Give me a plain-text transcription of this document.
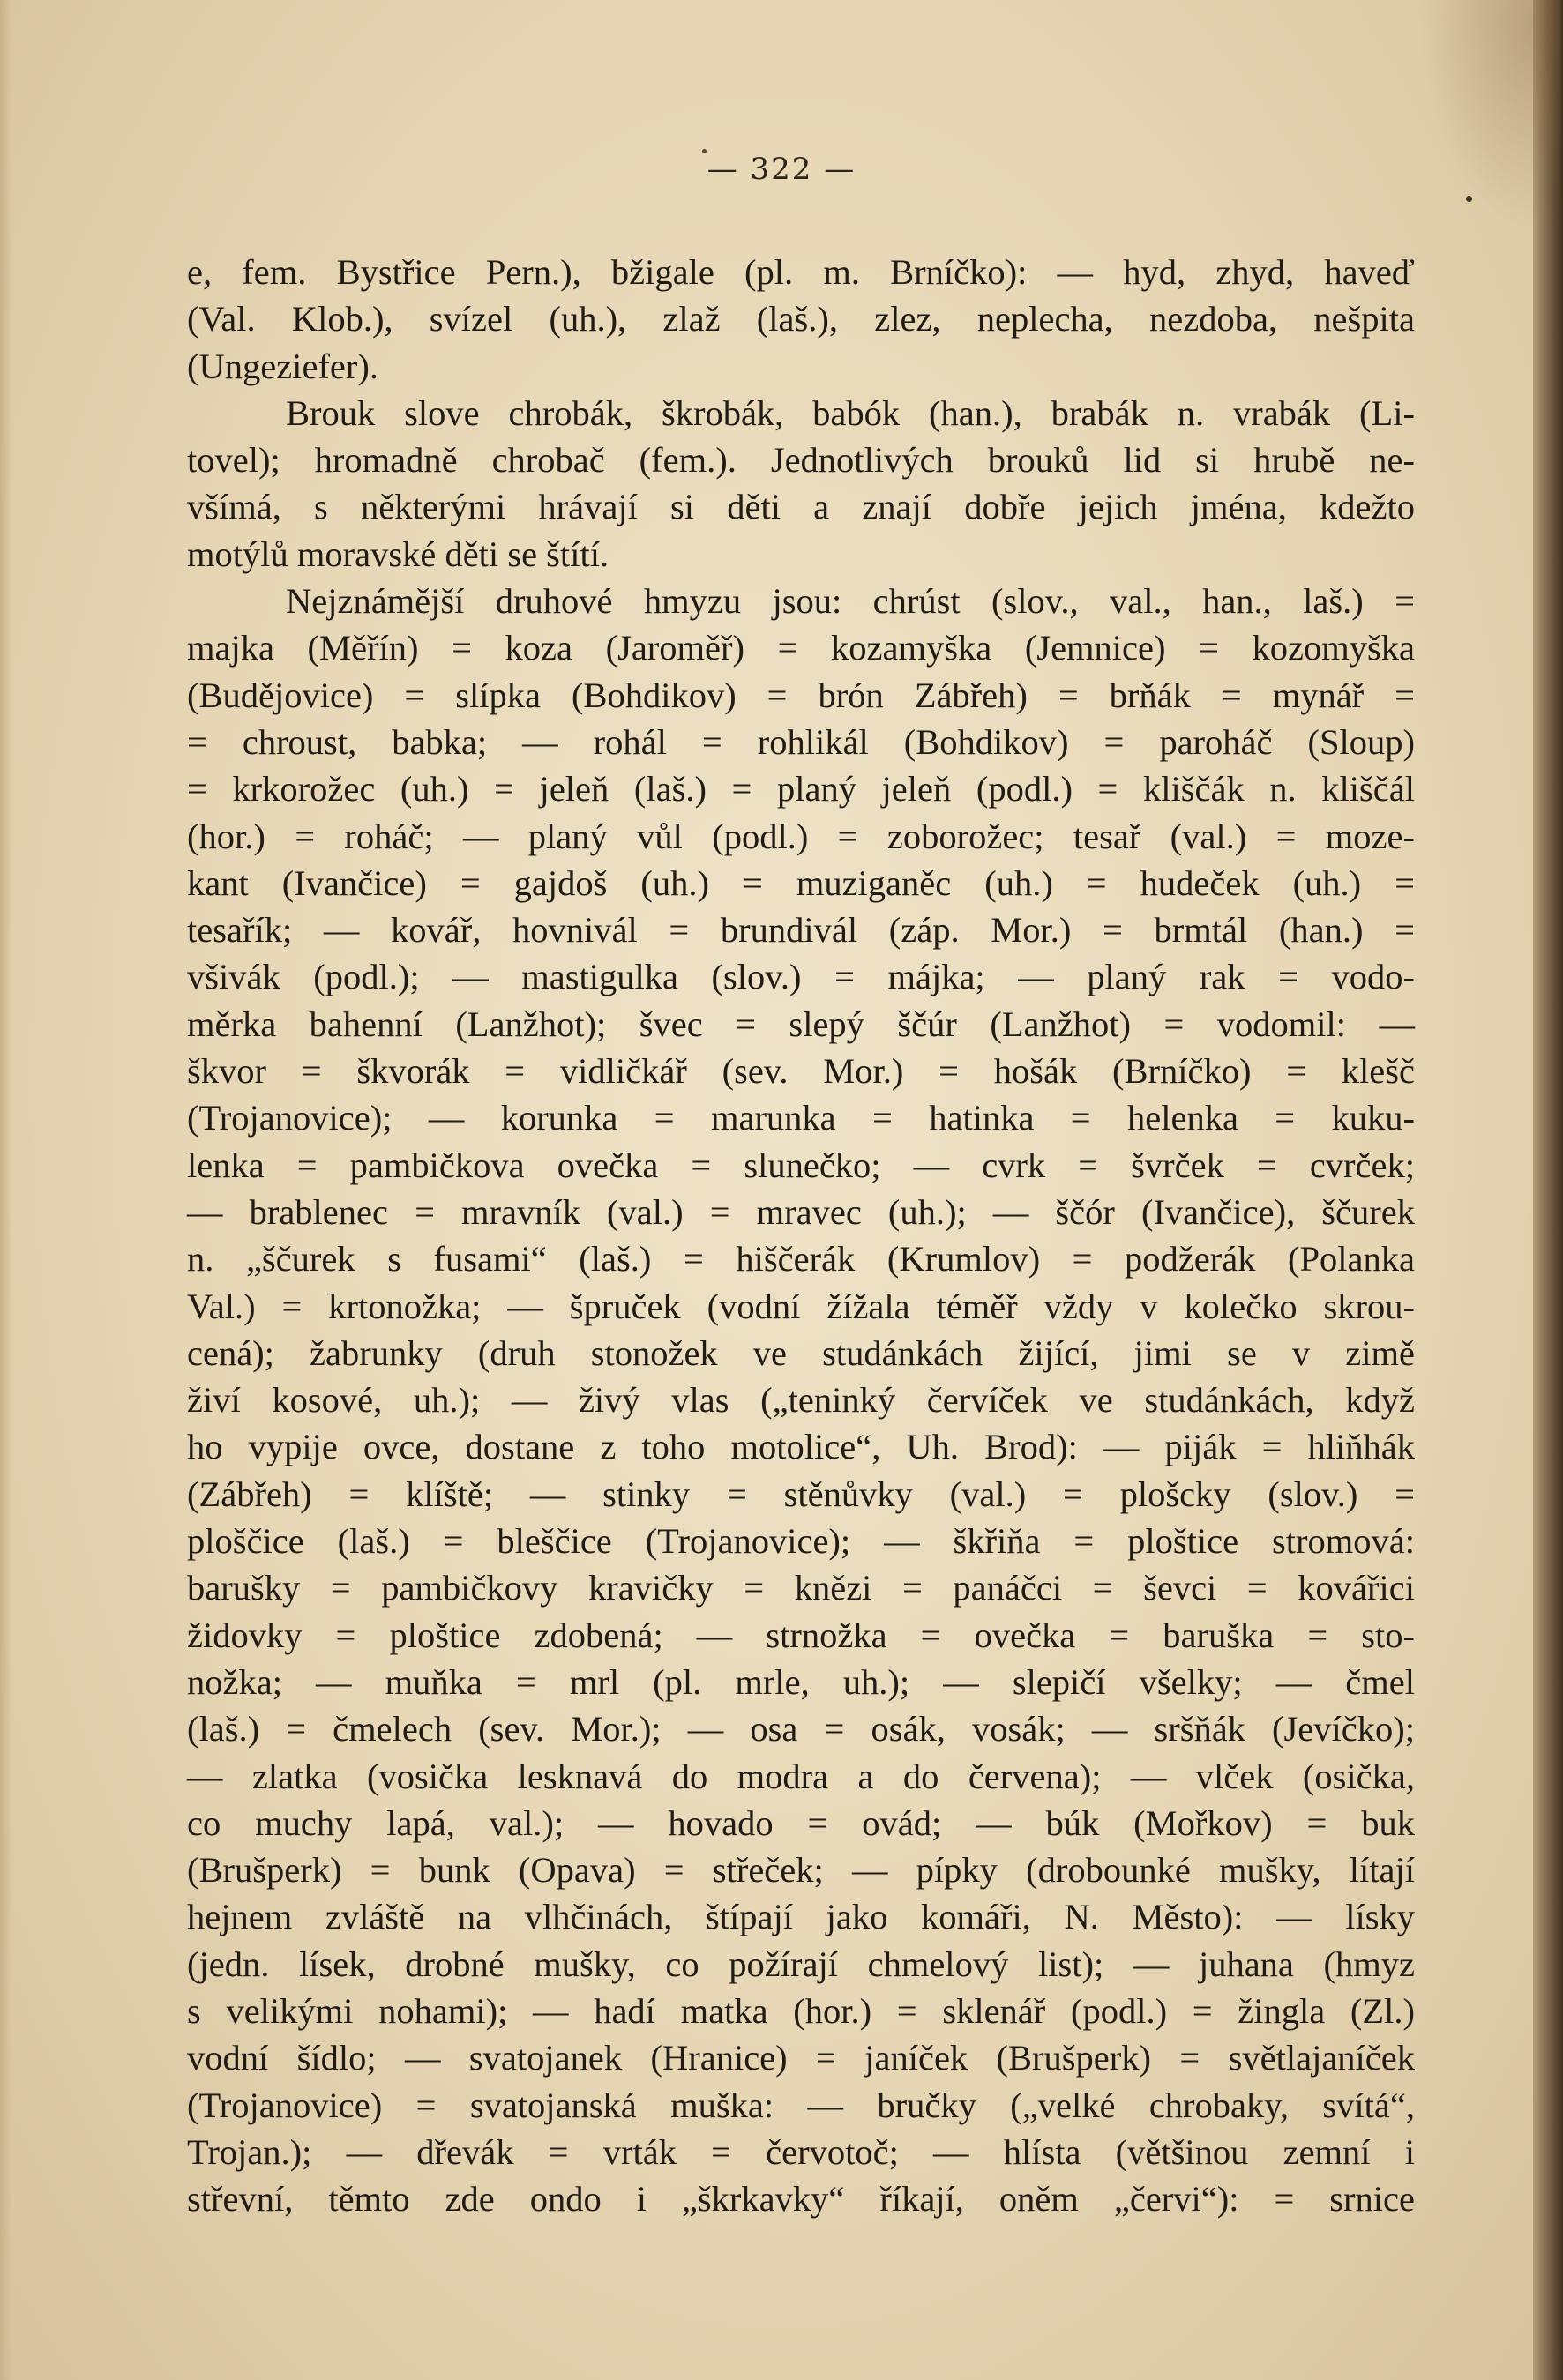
— 322 —
e, fem. Bystřice Pern.), bžigale (pl. m. Brníčko): — hyd, zhyd, haveď
(Val. Klob.), svízel (uh.), zlaž (laš.), zlez, neplecha, nezdoba, nešpita
(Ungeziefer).
Brouk slove chrobák, škrobák, babók (han.), brabák n. vrabák (Li-
tovel); hromadně chrobač (fem.). Jednotlivých brouků lid si hrubě ne-
všímá, s některými hrávají si děti a znají dobře jejich jména, kdežto
motýlů moravské děti se štítí.
Nejznámější druhové hmyzu jsou: chrúst (slov., val., han., laš.) =
majka (Měřín) = koza (Jaroměř) = kozamyška (Jemnice) = kozomyška
(Budějovice) = slípka (Bohdikov) = brón Zábřeh) = brňák = mynář =
= chroust, babka; — rohál = rohlikál (Bohdikov) = paroháč (Sloup)
= krkorožec (uh.) = jeleň (laš.) = planý jeleň (podl.) = kliščák n. kliščál
(hor.) = roháč; — planý vůl (podl.) = zoborožec; tesař (val.) = moze-
kant (Ivančice) = gajdoš (uh.) = muziganěc (uh.) = hudeček (uh.) =
tesařík; — kovář, hovnivál = brundivál (záp. Mor.) = brmtál (han.) =
všivák (podl.); — mastigulka (slov.) = májka; — planý rak = vodo-
měrka bahenní (Lanžhot); švec = slepý ščúr (Lanžhot) = vodomil: —
škvor = škvorák = vidličkář (sev. Mor.) = hošák (Brníčko) = klešč
(Trojanovice); — korunka = marunka = hatinka = helenka = kuku-
lenka = pambičkova ovečka = slunečko; — cvrk = švrček = cvrček;
— brablenec = mravník (val.) = mravec (uh.); — ščór (Ivančice), ščurek
n. „ščurek s fusami“ (laš.) = hiščerák (Krumlov) = podžerák (Polanka
Val.) = krtonožka; — špruček (vodní žížala téměř vždy v kolečko skrou-
cená); žabrunky (druh stonožek ve studánkách žijící, jimi se v zimě
živí kosové, uh.); — živý vlas („teninký červíček ve studánkách, když
ho vypije ovce, dostane z toho motolice“, Uh. Brod): — piják = hliňhák
(Zábřeh) = klíště; — stinky = stěnůvky (val.) = plošcky (slov.) =
ploščice (laš.) = bleščice (Trojanovice); — škřiňa = ploštice stromová:
barušky = pambičkovy kravičky = knězi = panáčci = ševci = kovářici
židovky = ploštice zdobená; — strnožka = ovečka = baruška = sto-
nožka; — muňka = mrl (pl. mrle, uh.); — slepičí všelky; — čmel
(laš.) = čmelech (sev. Mor.); — osa = osák, vosák; — sršňák (Jevíčko);
— zlatka (vosička lesknavá do modra a do červena); — vlček (osička,
co muchy lapá, val.); — hovado = ovád; — búk (Mořkov) = buk
(Brušperk) = bunk (Opava) = střeček; — pípky (drobounké mušky, lítají
hejnem zvláště na vlhčinách, štípají jako komáři, N. Město): — lísky
(jedn. lísek, drobné mušky, co požírají chmelový list); — juhana (hmyz
s velikými nohami); — hadí matka (hor.) = sklenář (podl.) = žingla (Zl.)
vodní šídlo; — svatojanek (Hranice) = janíček (Brušperk) = světlajaníček
(Trojanovice) = svatojanská muška: — bručky („velké chrobaky, svítá“,
Trojan.); — dřevák = vrták = červotoč; — hlísta (většinou zemní i
střevní, těmto zde ondo i „škrkavky“ říkají, oněm „červi“): = srnice
